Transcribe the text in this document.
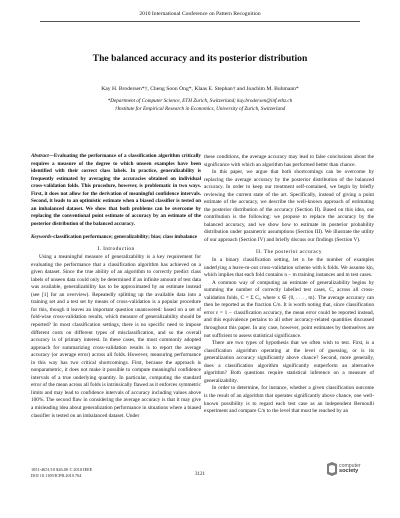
2010 International Conference on Pattern Recognition
The balanced accuracy and its posterior distribution
Kay H. Brodersen*†, Cheng Soon Ong*, Klaas E. Stephan† and Joachim M. Buhmann*
*Department of Computer Science, ETH Zurich, Switzerland; kay.brodersen@inf.ethz.ch
†Institute for Empirical Research in Economics, University of Zurich, Switzerland

Abstract—Evaluating the performance of a classification algorithm critically requires a measure of the degree to which unseen examples have been identified with their correct class labels. In practice, generalizability is frequently estimated by averaging the accuracies obtained on individual cross-validation folds. This procedure, however, is problematic in two ways. First, it does not allow for the derivation of meaningful confidence intervals. Second, it leads to an optimistic estimate when a biased classifier is tested on an imbalanced dataset. We show that both problems can be overcome by replacing the conventional point estimate of accuracy by an estimate of the posterior distribution of the balanced accuracy.

Keywords-classification performance; generalizability; bias; class imbalance

I. Introduction

Using a meaningful measure of generalizability is a key requirement for evaluating the performance that a classification algorithm has achieved on a given dataset. Since the true ability of an algorithm to correctly predict class labels of unseen data could only be determined if an infinite amount of test data was available, generalizability has to be approximated by an estimate instead (see [1] for an overview). Repeatedly splitting up the available data into a training set and a test set by means of cross-validation is a popular procedure for this, though it leaves an important question unanswered: based on a set of fold-wise cross-validation results, which measure of generalizability should be reported? In most classification settings, there is no specific need to impose different costs on different types of misclassification, and so the overall accuracy is of primary interest. In these cases, the most commonly adopted approach for summarizing cross-validation results is to report the average accuracy (or average error) across all folds. However, measuring performance in this way has two critical shortcomings. First, because the approach is nonparametric, it does not make it possible to compute meaningful confidence intervals of a true underlying quantity. In particular, computing the standard error of the mean across all folds is intrinsically flawed as it enforces symmetric limits and may lead to confidence intervals of accuracy including values above 100%. The second flaw in considering the average accuracy is that it may give a misleading idea about generalization performance in situations where a biased classifier is tested on an imbalanced dataset. Under

these conditions, the average accuracy may lead to false conclusions about the significance with which an algorithm has performed better than chance.

In this paper, we argue that both shortcomings can be overcome by replacing the average accuracy by the posterior distribution of the balanced accuracy. In order to keep our treatment self-contained, we begin by briefly reviewing the current state of the art. Specifically, instead of giving a point estimate of the accuracy, we describe the well-known approach of estimating the posterior distribution of the accuracy (Section II). Based on this idea, our contribution is the following: we propose to replace the accuracy by the balanced accuracy, and we show how to estimate its posterior probability distribution under parametric assumptions (Section III). We illustrate the utility of our approach (Section IV) and briefly discuss our findings (Section V).

II. The posterior accuracy

In a binary classification setting, let n be the number of examples underlying a leave-m-out cross-validation scheme with k folds. We assume k|n, which implies that each fold contains n − m training instances and m test cases.

A common way of computing an estimate of generalizability begins by summing the number of correctly labelled test cases, C, across all cross-validation folds, C = Σ Cᵢ, where x ∈ {0, . . . , m}. The average accuracy can then be reported as the fraction C/n. It is worth noting that, since classification error ε = 1 − classification accuracy, the mean error could be reported instead, and this equivalence pertains to all other accuracy-related quantities discussed throughout this paper. In any case, however, point estimates by themselves are not sufficient to assess statistical significance.

There are two types of hypothesis that we often wish to test. First, is a classification algorithm operating at the level of guessing, or is its generalization accuracy significantly above chance? Second, more generally, does a classification algorithm significantly outperform an alternative algorithm? Both questions require statistical inference on a measure of generalizability.

In order to determine, for instance, whether a given classification outcome is the result of an algorithm that operates significantly above chance, one well-known possibility is to regard each test case as an independent Bernoulli experiment and compare C/n to the level that must be reached by an

1051-4651/10 $26.00 © 2010 IEEE
DOI 10.1109/ICPR.2010.764	3121
computer
society
